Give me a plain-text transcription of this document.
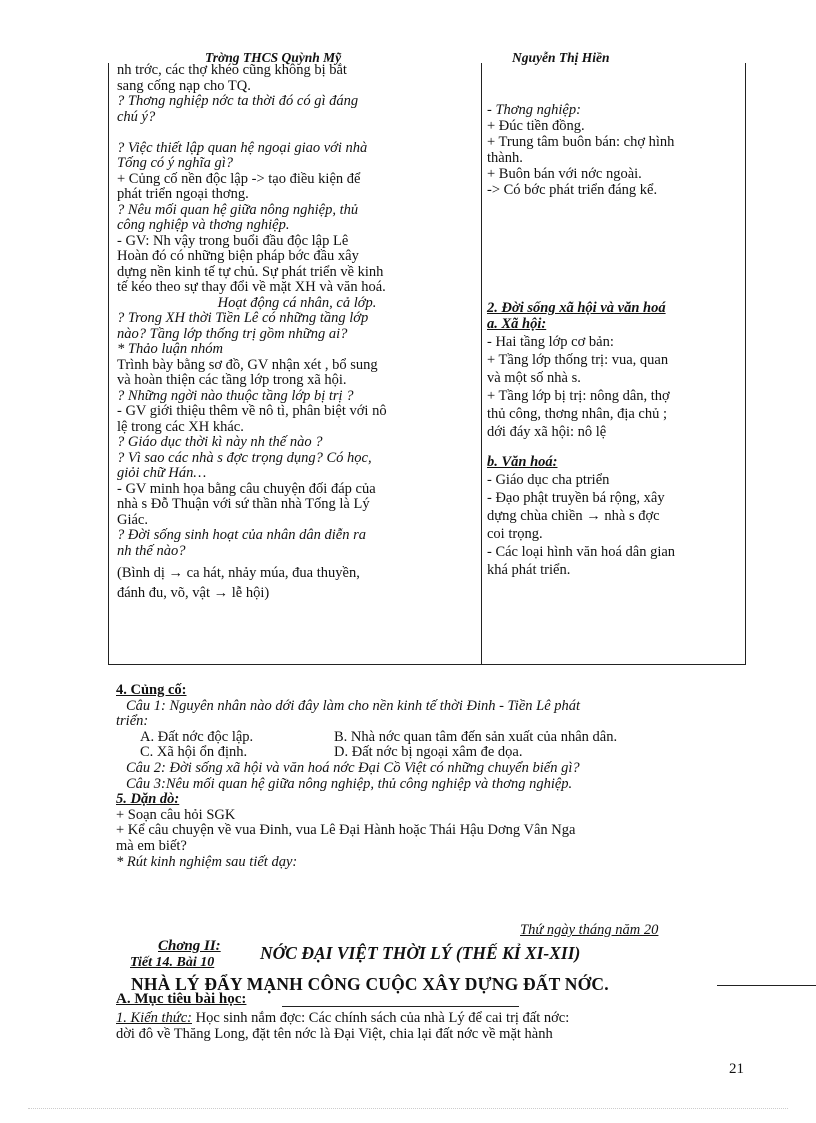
Trờng THCS Quỳnh Mỹ	Nguyễn Thị Hiền
nh trớc, các thợ khéo cũng không bị bắt
sang cống nạp cho TQ.
? Thơng nghiệp nớc ta thời đó có gì đáng
chú ý?
? Việc thiết lập quan hệ ngoại giao với nhà
Tống có ý nghĩa gì?
+ Củng cố nền độc lập -> tạo điều kiện để
phát triển ngoại thơng.
? Nêu mối quan hệ giữa nông nghiệp, thủ
công nghiệp và thơng nghiệp.
- GV: Nh vậy trong buổi đầu độc lập Lê
Hoàn đó có những biện pháp bớc đầu xây
dựng nền kinh tế tự chủ. Sự phát triển về kinh
tế kéo theo sự thay đổi về mặt XH và văn hoá.
Hoạt động cá nhân, cả lớp.
? Trong XH thời Tiền Lê có những tầng lớp
nào? Tầng lớp thống trị gồm những ai?
* Thảo luận nhóm
Trình bày bằng sơ đồ, GV nhận xét , bổ sung
và hoàn thiện các tầng lớp trong xã hội.
? Những ngời nào thuộc tầng lớp bị trị ?
- GV giới thiệu thêm về nô tì, phân biệt với nô
lệ trong các XH khác.
? Giáo dục thời kì này nh thế nào ?
? Vì sao các nhà s đợc trọng dụng? Có học,
giỏi chữ Hán…
- GV minh họa bằng câu chuyện đối đáp của
nhà s Đỗ Thuận với sứ thần nhà Tống là Lý
Giác.
? Đời sống sinh hoạt của nhân dân diễn ra
nh thế nào?
(Bình dị → ca hát, nhảy múa, đua thuyền,
đánh đu, võ, vật → lễ hội)
- Thơng nghiệp:
+ Đúc tiền đồng.
+ Trung tâm buôn bán: chợ hình
thành.
+ Buôn bán với nớc ngoài.
-> Có bớc phát triển đáng kể.
2. Đời sống xã hội và văn hoá
a. Xã hội:
- Hai tầng lớp cơ bản:
+ Tầng lớp thống trị: vua, quan
và một số nhà s.
+ Tầng lớp bị trị: nông dân, thợ
thủ công, thơng nhân, địa chủ ;
dới đáy xã hội: nô lệ
b. Văn hoá:
- Giáo dục cha ptriển
- Đạo phật truyền bá rộng, xây
dựng chùa chiền → nhà s đợc
coi trọng.
- Các loại hình văn hoá dân gian
khá phát triển.
4. Củng cố:
Câu 1: Nguyên nhân nào dới đây làm cho nền kinh tế thời Đinh - Tiền Lê phát
triển:
A. Đất nớc độc lập.	B. Nhà nớc quan tâm đến sản xuất của nhân dân.
C. Xã hội ổn định.	D. Đất nớc bị ngoại xâm đe dọa.
Câu 2: Đời sống xã hội và văn hoá nớc Đại Cồ Việt có những chuyển biến gì?
Câu 3:Nêu mối quan hệ giữa nông nghiệp, thủ công nghiệp và thơng nghiệp.
5. Dặn dò:
+ Soạn câu hỏi SGK
+ Kể câu chuyện về vua Đinh, vua Lê Đại Hành hoặc Thái Hậu Dơng Vân Nga
mà em biết?
* Rút kinh nghiệm sau tiết dạy:
Thứ ngày tháng năm 20
Chơng II:
Tiết 14. Bài 10	NỚC ĐẠI VIỆT THỜI LÝ (THẾ KỈ XI-XII)
NHÀ LÝ ĐẨY MẠNH CÔNG CUỘC XÂY DỰNG ĐẤT NỚC.
A. Mục tiêu bài học:
1. Kiến thức: Học sinh nắm đợc: Các chính sách của nhà Lý để cai trị đất nớc:
dời đô về Thăng Long, đặt tên nớc là Đại Việt, chia lại đất nớc về mặt hành
21
